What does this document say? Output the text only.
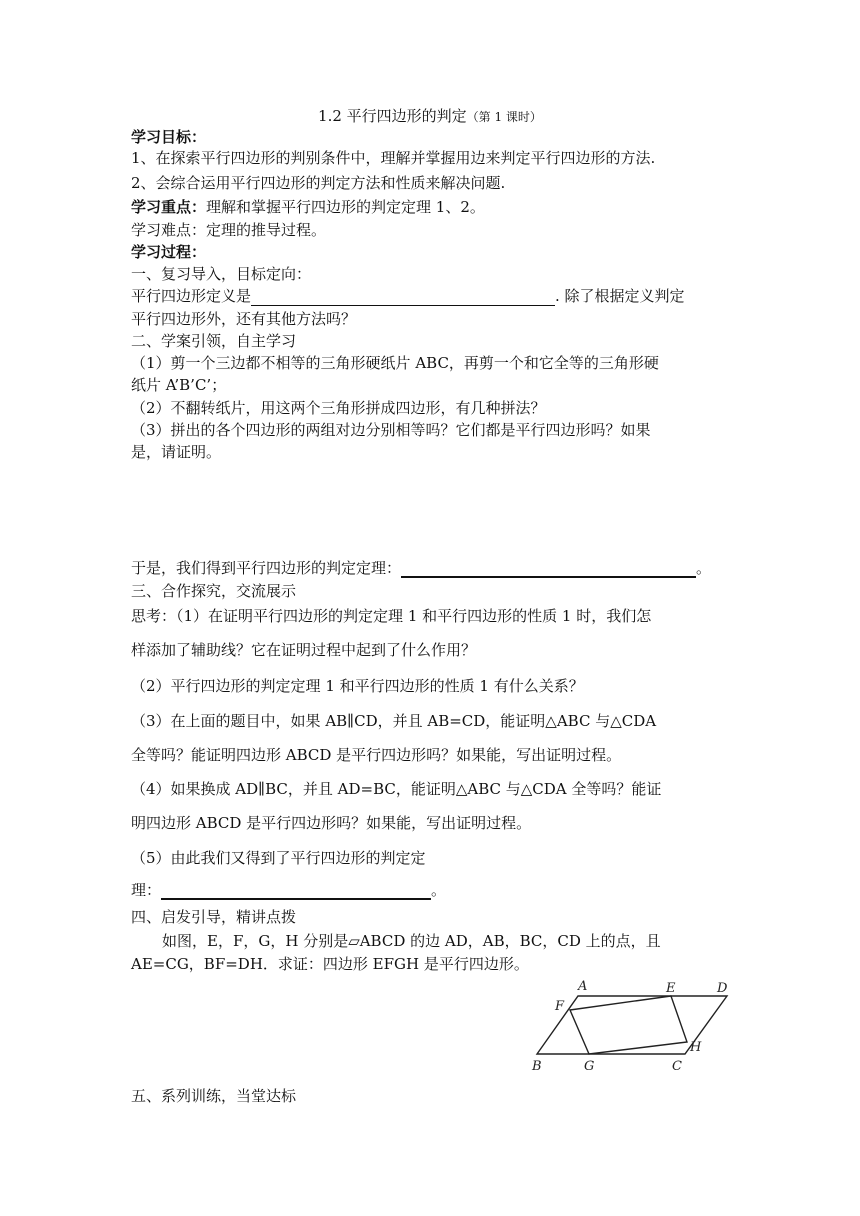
1.2 平行四边形的判定（第 1 课时）
学习目标：
1、在探索平行四边形的判别条件中，理解并掌握用边来判定平行四边形的方法.
2、会综合运用平行四边形的判定方法和性质来解决问题.
学习重点：理解和掌握平行四边形的判定定理 1、2。
学习难点：定理的推导过程。
学习过程：
一、复习导入，目标定向：
平行四边形定义是	. 除了根据定义判定
平行四边形外，还有其他方法吗？
二、学案引领，自主学习
（1）剪一个三边都不相等的三角形硬纸片 ABC，再剪一个和它全等的三角形硬
纸片 A’B’C’；
（2）不翻转纸片，用这两个三角形拼成四边形，有几种拼法？
（3）拼出的各个四边形的两组对边分别相等吗？它们都是平行四边形吗？如果
是，请证明。
于是，我们得到平行四边形的判定定理：	。
三、合作探究，交流展示
思考：（1）在证明平行四边形的判定定理 1 和平行四边形的性质 1 时，我们怎
样添加了辅助线？它在证明过程中起到了什么作用？
（2）平行四边形的判定定理 1 和平行四边形的性质 1 有什么关系？
（3）在上面的题目中，如果 AB∥CD，并且 AB=CD，能证明△ABC 与△CDA
全等吗？能证明四边形 ABCD 是平行四边形吗？如果能，写出证明过程。
（4）如果换成 AD∥BC，并且 AD=BC，能证明△ABC 与△CDA 全等吗？能证
明四边形 ABCD 是平行四边形吗？如果能，写出证明过程。
（5）由此我们又得到了平行四边形的判定定
理：	。
四、启发引导，精讲点拨
如图，E，F，G，H 分别是▱ABCD 的边 AD，AB，BC，CD 上的点，且
AE=CG，BF=DH．求证：四边形 EFGH 是平行四边形。
A	E	D
F
H
B	G	C
五、系列训练，当堂达标
